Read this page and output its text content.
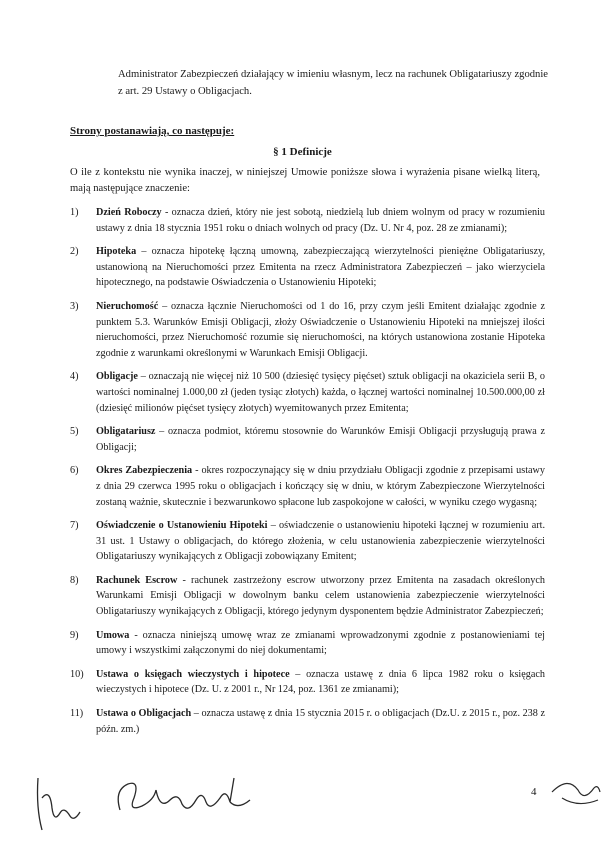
Administrator Zabezpieczeń działający w imieniu własnym, lecz na rachunek Obligatariuszy zgodnie z art. 29 Ustawy o Obligacjach.
Strony postanawiają, co następuje:
§ 1 Definicje
O ile z kontekstu nie wynika inaczej, w niniejszej Umowie poniższe słowa i wyrażenia pisane wielką literą, mają następujące znaczenie:
1)	Dzień Roboczy - oznacza dzień, który nie jest sobotą, niedzielą lub dniem wolnym od pracy w rozumieniu ustawy z dnia 18 stycznia 1951 roku o dniach wolnych od pracy (Dz. U. Nr 4, poz. 28 ze zmianami);
2)	Hipoteka – oznacza hipotekę łączną umowną, zabezpieczającą wierzytelności pieniężne Obligatariuszy, ustanowioną na Nieruchomości przez Emitenta na rzecz Administratora Zabezpieczeń – jako wierzyciela hipotecznego, na podstawie Oświadczenia o Ustanowieniu Hipoteki;
3)	Nieruchomość – oznacza łącznie Nieruchomości od 1 do 16, przy czym jeśli Emitent działając zgodnie z punktem 5.3. Warunków Emisji Obligacji, złoży Oświadczenie o Ustanowieniu Hipoteki na mniejszej ilości nieruchomości, przez Nieruchomość rozumie się nieruchomości, na których ustanowiona zostanie Hipoteka zgodnie z warunkami określonymi w Warunkach Emisji Obligacji.
4)	Obligacje – oznaczają nie więcej niż 10 500 (dziesięć tysięcy pięćset) sztuk obligacji na okaziciela serii B, o wartości nominalnej 1.000,00 zł (jeden tysiąc złotych) każda, o łącznej wartości nominalnej 10.500.000,00 zł (dziesięć milionów pięćset tysięcy złotych) wyemitowanych przez Emitenta;
5)	Obligatariusz – oznacza podmiot, któremu stosownie do Warunków Emisji Obligacji przysługują prawa z Obligacji;
6)	Okres Zabezpieczenia - okres rozpoczynający się w dniu przydziału Obligacji zgodnie z przepisami ustawy z dnia 29 czerwca 1995 roku o obligacjach i kończący się w dniu, w którym Zabezpieczone Wierzytelności zostaną ważnie, skutecznie i bezwarunkowo spłacone lub zaspokojone w całości, w wyniku czego wygasną;
7)	Oświadczenie o Ustanowieniu Hipoteki – oświadczenie o ustanowieniu hipoteki łącznej w rozumieniu art. 31 ust. 1 Ustawy o obligacjach, do którego złożenia, w celu ustanowienia zabezpieczenie wierzytelności Obligatariuszy wynikających z Obligacji zobowiązany Emitent;
8)	Rachunek Escrow - rachunek zastrzeżony escrow utworzony przez Emitenta na zasadach określonych Warunkami Emisji Obligacji w dowolnym banku celem ustanowienia zabezpieczenie wierzytelności Obligatariuszy wynikających z Obligacji, którego jedynym dysponentem będzie Administrator Zabezpieczeń;
9)	Umowa - oznacza niniejszą umowę wraz ze zmianami wprowadzonymi zgodnie z postanowieniami tej umowy i wszystkimi załączonymi do niej dokumentami;
10)	Ustawa o księgach wieczystych i hipotece – oznacza ustawę z dnia 6 lipca 1982 roku o księgach wieczystych i hipotece (Dz. U. z 2001 r., Nr 124, poz. 1361 ze zmianami);
11)	Ustawa o Obligacjach – oznacza ustawę z dnia 15 stycznia 2015 r. o obligacjach (Dz.U. z 2015 r., poz. 238 z późn. zm.)
4
